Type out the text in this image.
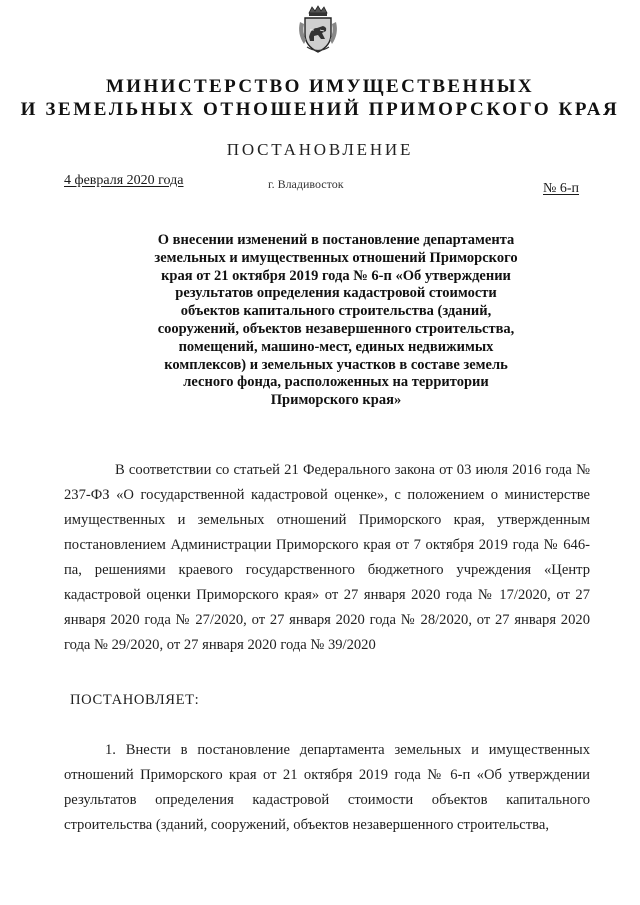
МИНИСТЕРСТВО ИМУЩЕСТВЕННЫХ
И ЗЕМЕЛЬНЫХ ОТНОШЕНИЙ ПРИМОРСКОГО КРАЯ
ПОСТАНОВЛЕНИЕ
4 февраля 2020 года	г. Владивосток	№ 6-п
О внесении изменений в постановление департамента земельных и имущественных отношений Приморского края от 21 октября 2019 года № 6-п «Об утверждении результатов определения кадастровой стоимости объектов капитального строительства (зданий, сооружений, объектов незавершенного строительства, помещений, машино-мест, единых недвижимых комплексов) и земельных участков в составе земель лесного фонда, расположенных на территории Приморского края»
В соответствии со статьей 21 Федерального закона от 03 июля 2016 года № 237-ФЗ «О государственной кадастровой оценке», с положением о министерстве имущественных и земельных отношений Приморского края, утвержденным постановлением Администрации Приморского края от 7 октября 2019 года № 646-па, решениями краевого государственного бюджетного учреждения «Центр кадастровой оценки Приморского края» от 27 января 2020 года № 17/2020, от 27 января 2020 года № 27/2020, от 27 января 2020 года № 28/2020, от 27 января 2020 года № 29/2020, от 27 января 2020 года № 39/2020
ПОСТАНОВЛЯЕТ:
1. Внести в постановление департамента земельных и имущественных отношений Приморского края от 21 октября 2019 года № 6-п «Об утверждении результатов определения кадастровой стоимости объектов капитального строительства (зданий, сооружений, объектов незавершенного строительства,
